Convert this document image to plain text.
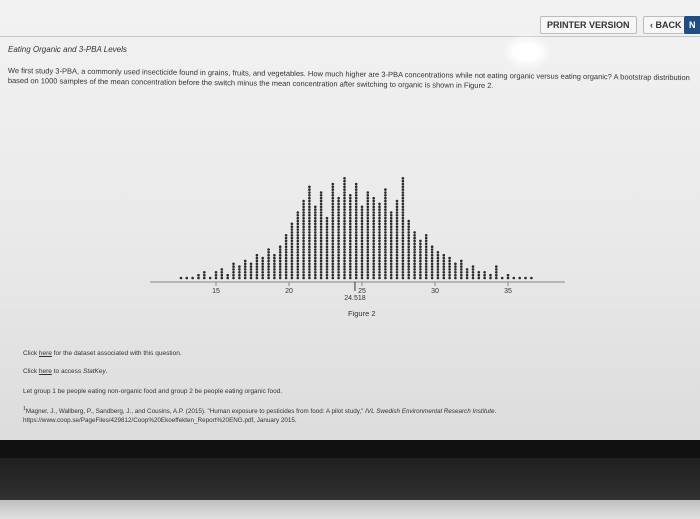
PRINTER VERSION	‹ BACK N
Eating Organic and 3-PBA Levels
We first study 3-PBA, a commonly used insecticide found in grains, fruits, and vegetables. How much higher are 3-PBA concentrations while not eating organic versus eating organic? A bootstrap distribution based on 1000 samples of the mean concentration before the switch minus the mean concentration after switching to organic is shown in Figure 2.
15	20	25	30	35
24.518
Figure 2
Click here for the dataset associated with this question.
Click here to access StatKey.
Let group 1 be people eating non-organic food and group 2 be people eating organic food.
$^1$Magner, J., Wallberg, P., Sandberg, J., and Cousins, A.P. (2015). "Human exposure to pesticides from food: A pilot study," IVL Swedish Environmental Research Institute. https://www.coop.se/PageFiles/429812/Coop%20Ekoeffekten_Report%20ENG.pdf, January 2015.
